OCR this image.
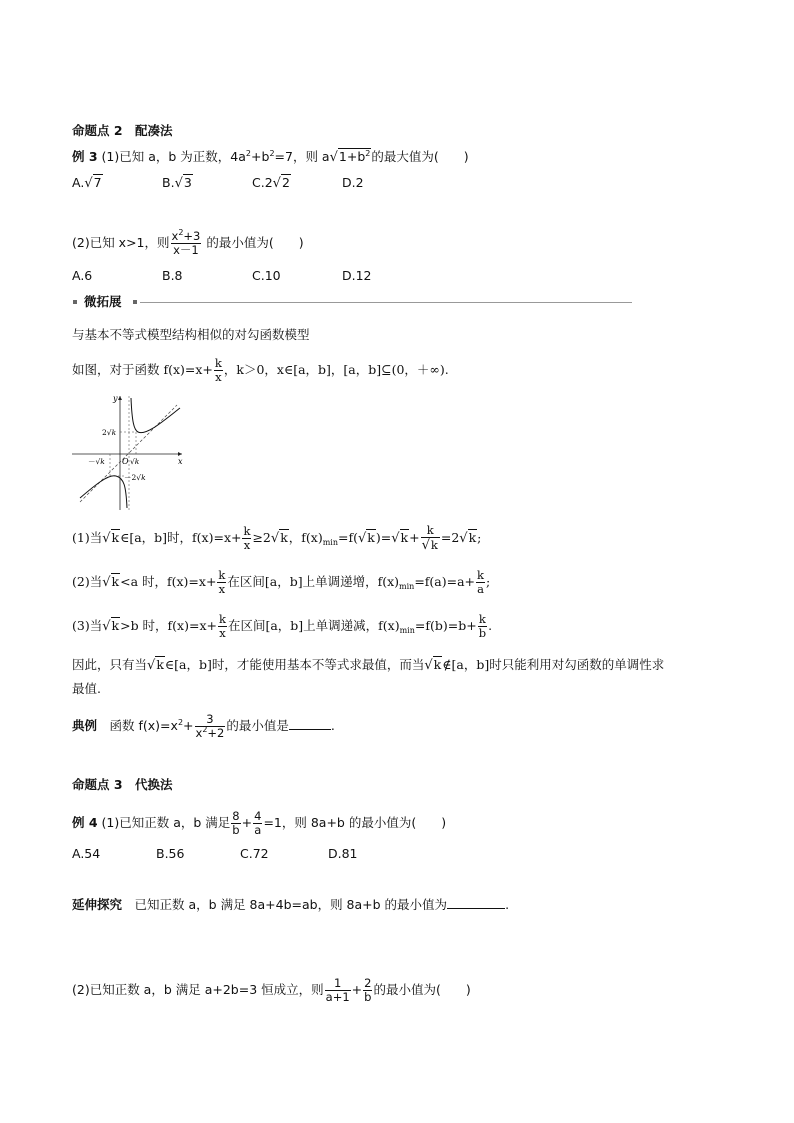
命题点 2　配凑法
例 3 (1)已知 a，b 为正数，$4a^2+b^2=7$，则 $a√1+b^2$的最大值为(　　)
A.√7	B.√3	C.2√2	D.2
(2)已知 x>1，则 $\frac{x^2+3}{x-1}$ 的最小值为(　　)
A.6	B.8	C.10	D.12
微拓展
与基本不等式模型结构相似的对勾函数模型
如图，对于函数 $f(x)=x+ \frac{k}{x}$ ，k＞0，x∈[a，b]，[a，b]⊆(0，＋∞).
y
x
O
2√k
－√k	√k
－2√k
(1)当√k∈[a，b]时，$f(x)=x+ \frac{k}{x} \ge 2√k$，$f(x)_{min}=f(√k)=√k+ \frac{k}{√k} =2√k$;
(2)当√k<a 时，$f(x)=x+ \frac{k}{x}$ 在区间[a，b]上单调递增，$f(x)_{min}=f(a)=a+ \frac{k}{a}$ ;
(3)当√k>b 时，$f(x)=x+ \frac{k}{x}$ 在区间[a，b]上单调递减，$f(x)_{min}=f(b)=b+ \frac{k}{b}$ .
因此，只有当√k∈[a，b]时，才能使用基本不等式求最值，而当√k∉[a，b]时只能利用对勾函数的单调性求
最值.
典例　 函数 $f(x)=x^2+ \frac{3}{x^2+2}$ 的最小值是	.
命题点 3　代换法
例 4 (1)已知正数 a，b 满足 $\frac{8}{b} + \frac{4}{a} =1$，则 8a+b 的最小值为(　　)
A.54	B.56	C.72	D.81
延伸探究　 已知正数 a，b 满足 8a+4b=ab，则 8a+b 的最小值为	.
(2)已知正数 a，b 满足 a+2b=3 恒成立，则 $\frac{1}{a+1} + \frac{2}{b}$ 的最小值为(　　)
